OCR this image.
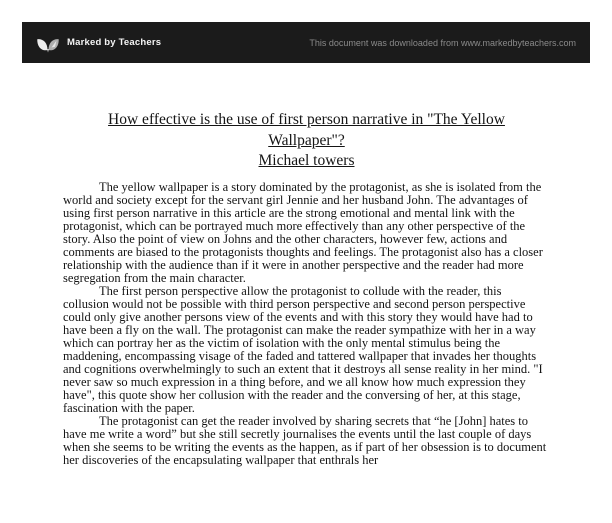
Marked by Teachers	This document was downloaded from www.markedbyteachers.com
How effective is the use of first person narrative in "The Yellow
Wallpaper"?
Michael towers

The yellow wallpaper is a story dominated by the protagonist, as she is isolated from the world and society except for the servant girl Jennie and her husband John. The advantages of using first person narrative in this article are the strong emotional and mental link with the protagonist, which can be portrayed much more effectively than any other perspective of the story. Also the point of view on Johns and the other characters, however few, actions and comments are biased to the protagonists thoughts and feelings. The protagonist also has a closer relationship with the audience than if it were in another perspective and the reader had more segregation from the main character.

The first person perspective allow the protagonist to collude with the reader, this collusion would not be possible with third person perspective and second person perspective could only give another persons view of the events and with this story they would have had to have been a fly on the wall. The protagonist can make the reader sympathize with her in a way which can portray her as the victim of isolation with the only mental stimulus being the maddening, encompassing visage of the faded and tattered wallpaper that invades her thoughts and cognitions overwhelmingly to such an extent that it destroys all sense reality in her mind. "I never saw so much expression in a thing before, and we all know how much expression they have", this quote show her collusion with the reader and the conversing of her, at this stage, fascination with the paper.

The protagonist can get the reader involved by sharing secrets that “he [John] hates to have me write a word” but she still secretly journalises the events until the last couple of days when she seems to be writing the events as the happen, as if part of her obsession is to document her discoveries of the encapsulating wallpaper that enthrals her
